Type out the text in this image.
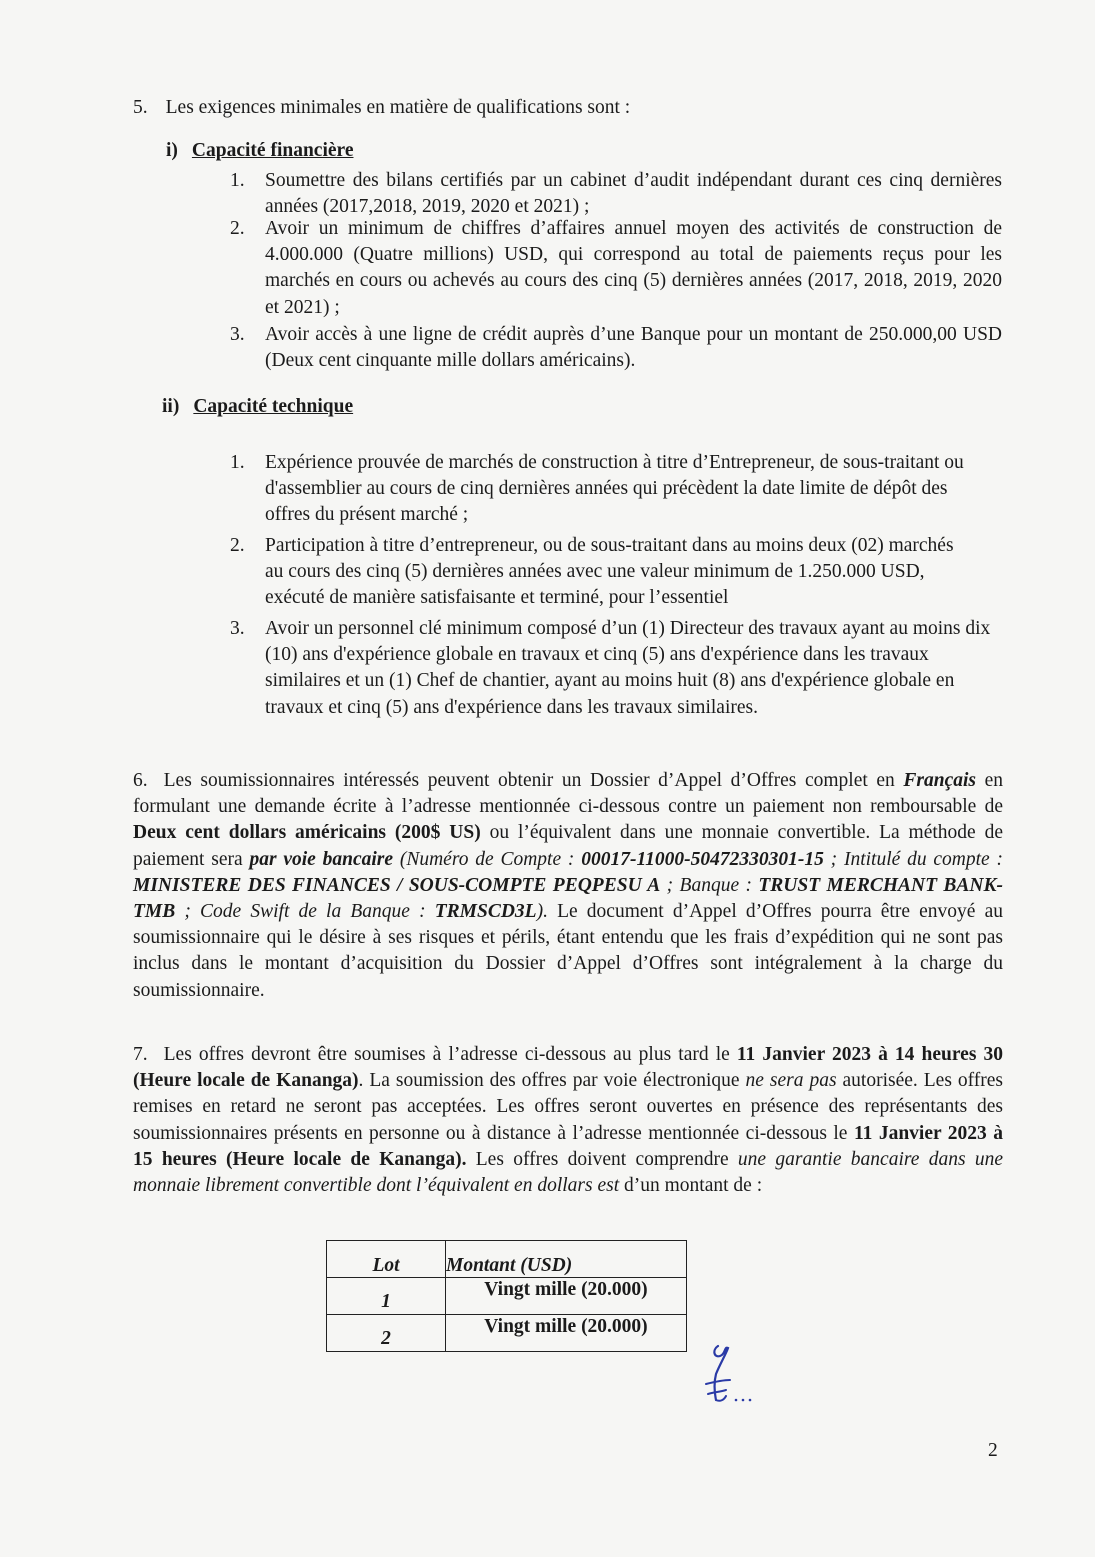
5. Les exigences minimales en matière de qualifications sont :
i) Capacité financière
1. Soumettre des bilans certifiés par un cabinet d’audit indépendant durant ces cinq dernières années (2017,2018, 2019, 2020 et 2021) ;
2. Avoir un minimum de chiffres d’affaires annuel moyen des activités de construction de 4.000.000 (Quatre millions) USD, qui correspond au total de paiements reçus pour les marchés en cours ou achevés au cours des cinq (5) dernières années (2017, 2018, 2019, 2020 et 2021) ;
3. Avoir accès à une ligne de crédit auprès d’une Banque pour un montant de 250.000,00 USD (Deux cent cinquante mille dollars américains).
ii) Capacité technique
1. Expérience prouvée de marchés de construction à titre d’Entrepreneur, de sous-traitant ou d'assemblier au cours de cinq dernières années qui précèdent la date limite de dépôt des offres du présent marché ;
2. Participation à titre d’entrepreneur, ou de sous-traitant dans au moins deux (02) marchés au cours des cinq (5) dernières années avec une valeur minimum de 1.250.000 USD, exécuté de manière satisfaisante et terminé, pour l’essentiel
3. Avoir un personnel clé minimum composé d’un (1) Directeur des travaux ayant au moins dix (10) ans d'expérience globale en travaux et cinq (5) ans d'expérience dans les travaux similaires et un (1) Chef de chantier, ayant au moins huit (8) ans d'expérience globale en travaux et cinq (5) ans d'expérience dans les travaux similaires.
6. Les soumissionnaires intéressés peuvent obtenir un Dossier d’Appel d’Offres complet en Français en formulant une demande écrite à l’adresse mentionnée ci-dessous contre un paiement non remboursable de Deux cent dollars américains (200$ US) ou l’équivalent dans une monnaie convertible. La méthode de paiement sera par voie bancaire (Numéro de Compte : 00017-11000-50472330301-15 ; Intitulé du compte : MINISTERE DES FINANCES / SOUS-COMPTE PEQPESU A ; Banque : TRUST MERCHANT BANK-TMB ; Code Swift de la Banque : TRMSCD3L). Le document d’Appel d’Offres pourra être envoyé au soumissionnaire qui le désire à ses risques et périls, étant entendu que les frais d’expédition qui ne sont pas inclus dans le montant d’acquisition du Dossier d’Appel d’Offres sont intégralement à la charge du soumissionnaire.
7. Les offres devront être soumises à l’adresse ci-dessous au plus tard le 11 Janvier 2023 à 14 heures 30 (Heure locale de Kananga). La soumission des offres par voie électronique ne sera pas autorisée. Les offres remises en retard ne seront pas acceptées. Les offres seront ouvertes en présence des représentants des soumissionnaires présents en personne ou à distance à l’adresse mentionnée ci-dessous le 11 Janvier 2023 à 15 heures (Heure locale de Kananga). Les offres doivent comprendre une garantie bancaire dans une monnaie librement convertible dont l’équivalent en dollars est d’un montant de :
Lot	Montant (USD)

1	Vingt mille (20.000)

2	Vingt mille (20.000)
2
